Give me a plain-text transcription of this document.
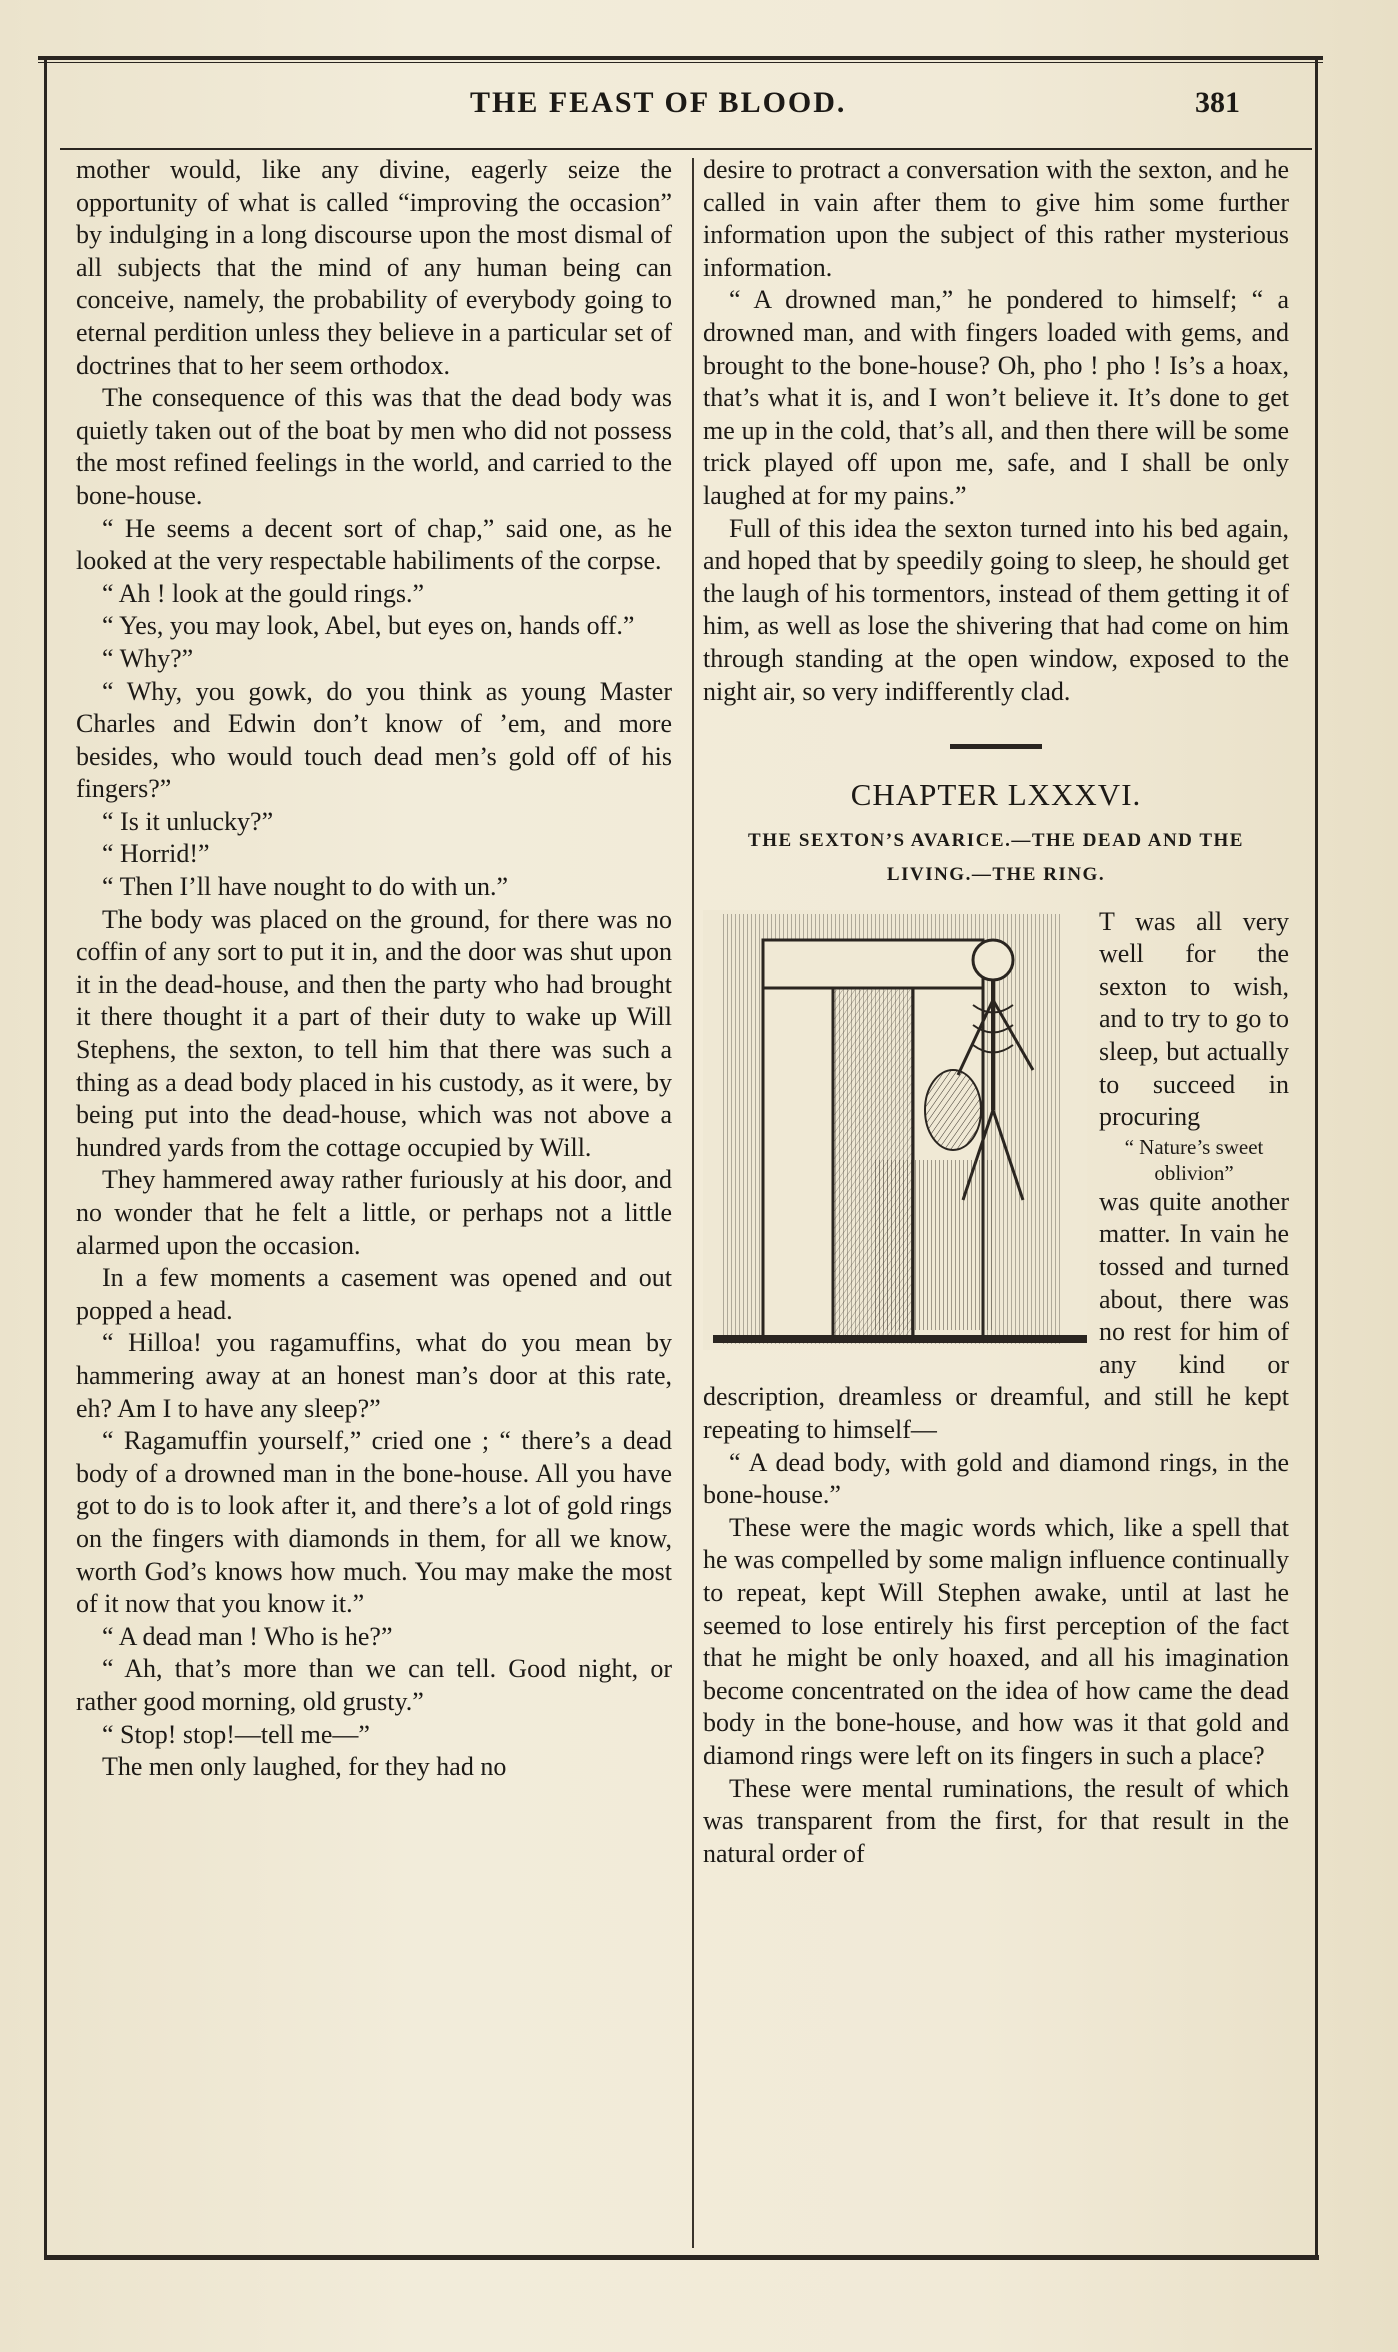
THE FEAST OF BLOOD.	381

mother would, like any divine, eagerly seize the opportunity of what is called “improving the occasion” by indulging in a long discourse upon the most dismal of all subjects that the mind of any human being can conceive, namely, the probability of everybody going to eternal perdition unless they believe in a particular set of doctrines that to her seem orthodox.

The consequence of this was that the dead body was quietly taken out of the boat by men who did not possess the most refined feelings in the world, and carried to the bone-house.

“ He seems a decent sort of chap,” said one, as he looked at the very respectable habiliments of the corpse.

“ Ah ! look at the gould rings.”

“ Yes, you may look, Abel, but eyes on, hands off.”

“ Why?”

“ Why, you gowk, do you think as young Master Charles and Edwin don’t know of ’em, and more besides, who would touch dead men’s gold off of his fingers?”

“ Is it unlucky?”

“ Horrid!”

“ Then I’ll have nought to do with un.”

The body was placed on the ground, for there was no coffin of any sort to put it in, and the door was shut upon it in the dead-house, and then the party who had brought it there thought it a part of their duty to wake up Will Stephens, the sexton, to tell him that there was such a thing as a dead body placed in his custody, as it were, by being put into the dead-house, which was not above a hundred yards from the cottage occupied by Will.

They hammered away rather furiously at his door, and no wonder that he felt a little, or perhaps not a little alarmed upon the occasion.

In a few moments a casement was opened and out popped a head.

“ Hilloa! you ragamuffins, what do you mean by hammering away at an honest man’s door at this rate, eh? Am I to have any sleep?”

“ Ragamuffin yourself,” cried one ; “ there’s a dead body of a drowned man in the bone-house. All you have got to do is to look after it, and there’s a lot of gold rings on the fingers with diamonds in them, for all we know, worth God’s knows how much. You may make the most of it now that you know it.”

“ A dead man ! Who is he?”

“ Ah, that’s more than we can tell. Good night, or rather good morning, old grusty.”

“ Stop! stop!—tell me—”

The men only laughed, for they had no

desire to protract a conversation with the sexton, and he called in vain after them to give him some further information upon the subject of this rather mysterious information.

“ A drowned man,” he pondered to himself; “ a drowned man, and with fingers loaded with gems, and brought to the bone-house? Oh, pho ! pho ! Is’s a hoax, that’s what it is, and I won’t believe it. It’s done to get me up in the cold, that’s all, and then there will be some trick played off upon me, safe, and I shall be only laughed at for my pains.”

Full of this idea the sexton turned into his bed again, and hoped that by speedily going to sleep, he should get the laugh of his tormentors, instead of them getting it of him, as well as lose the shivering that had come on him through standing at the open window, exposed to the night air, so very indifferently clad.

CHAPTER LXXXVI.
THE SEXTON’S AVARICE.—THE DEAD AND THE LIVING.—THE RING.

T was all very well for the sexton to wish, and to try to go to sleep, but actually to succeed in procuring

“ Nature’s sweet oblivion”

was quite another matter. In vain he tossed and turned about, there was no rest for him of any kind or description, dreamless or dreamful, and still he kept repeating to himself—

“ A dead body, with gold and diamond rings, in the bone-house.”

These were the magic words which, like a spell that he was compelled by some malign influence continually to repeat, kept Will Stephen awake, until at last he seemed to lose entirely his first perception of the fact that he might be only hoaxed, and all his imagination become concentrated on the idea of how came the dead body in the bone-house, and how was it that gold and diamond rings were left on its fingers in such a place?

These were mental ruminations, the result of which was transparent from the first, for that result in the natural order of
